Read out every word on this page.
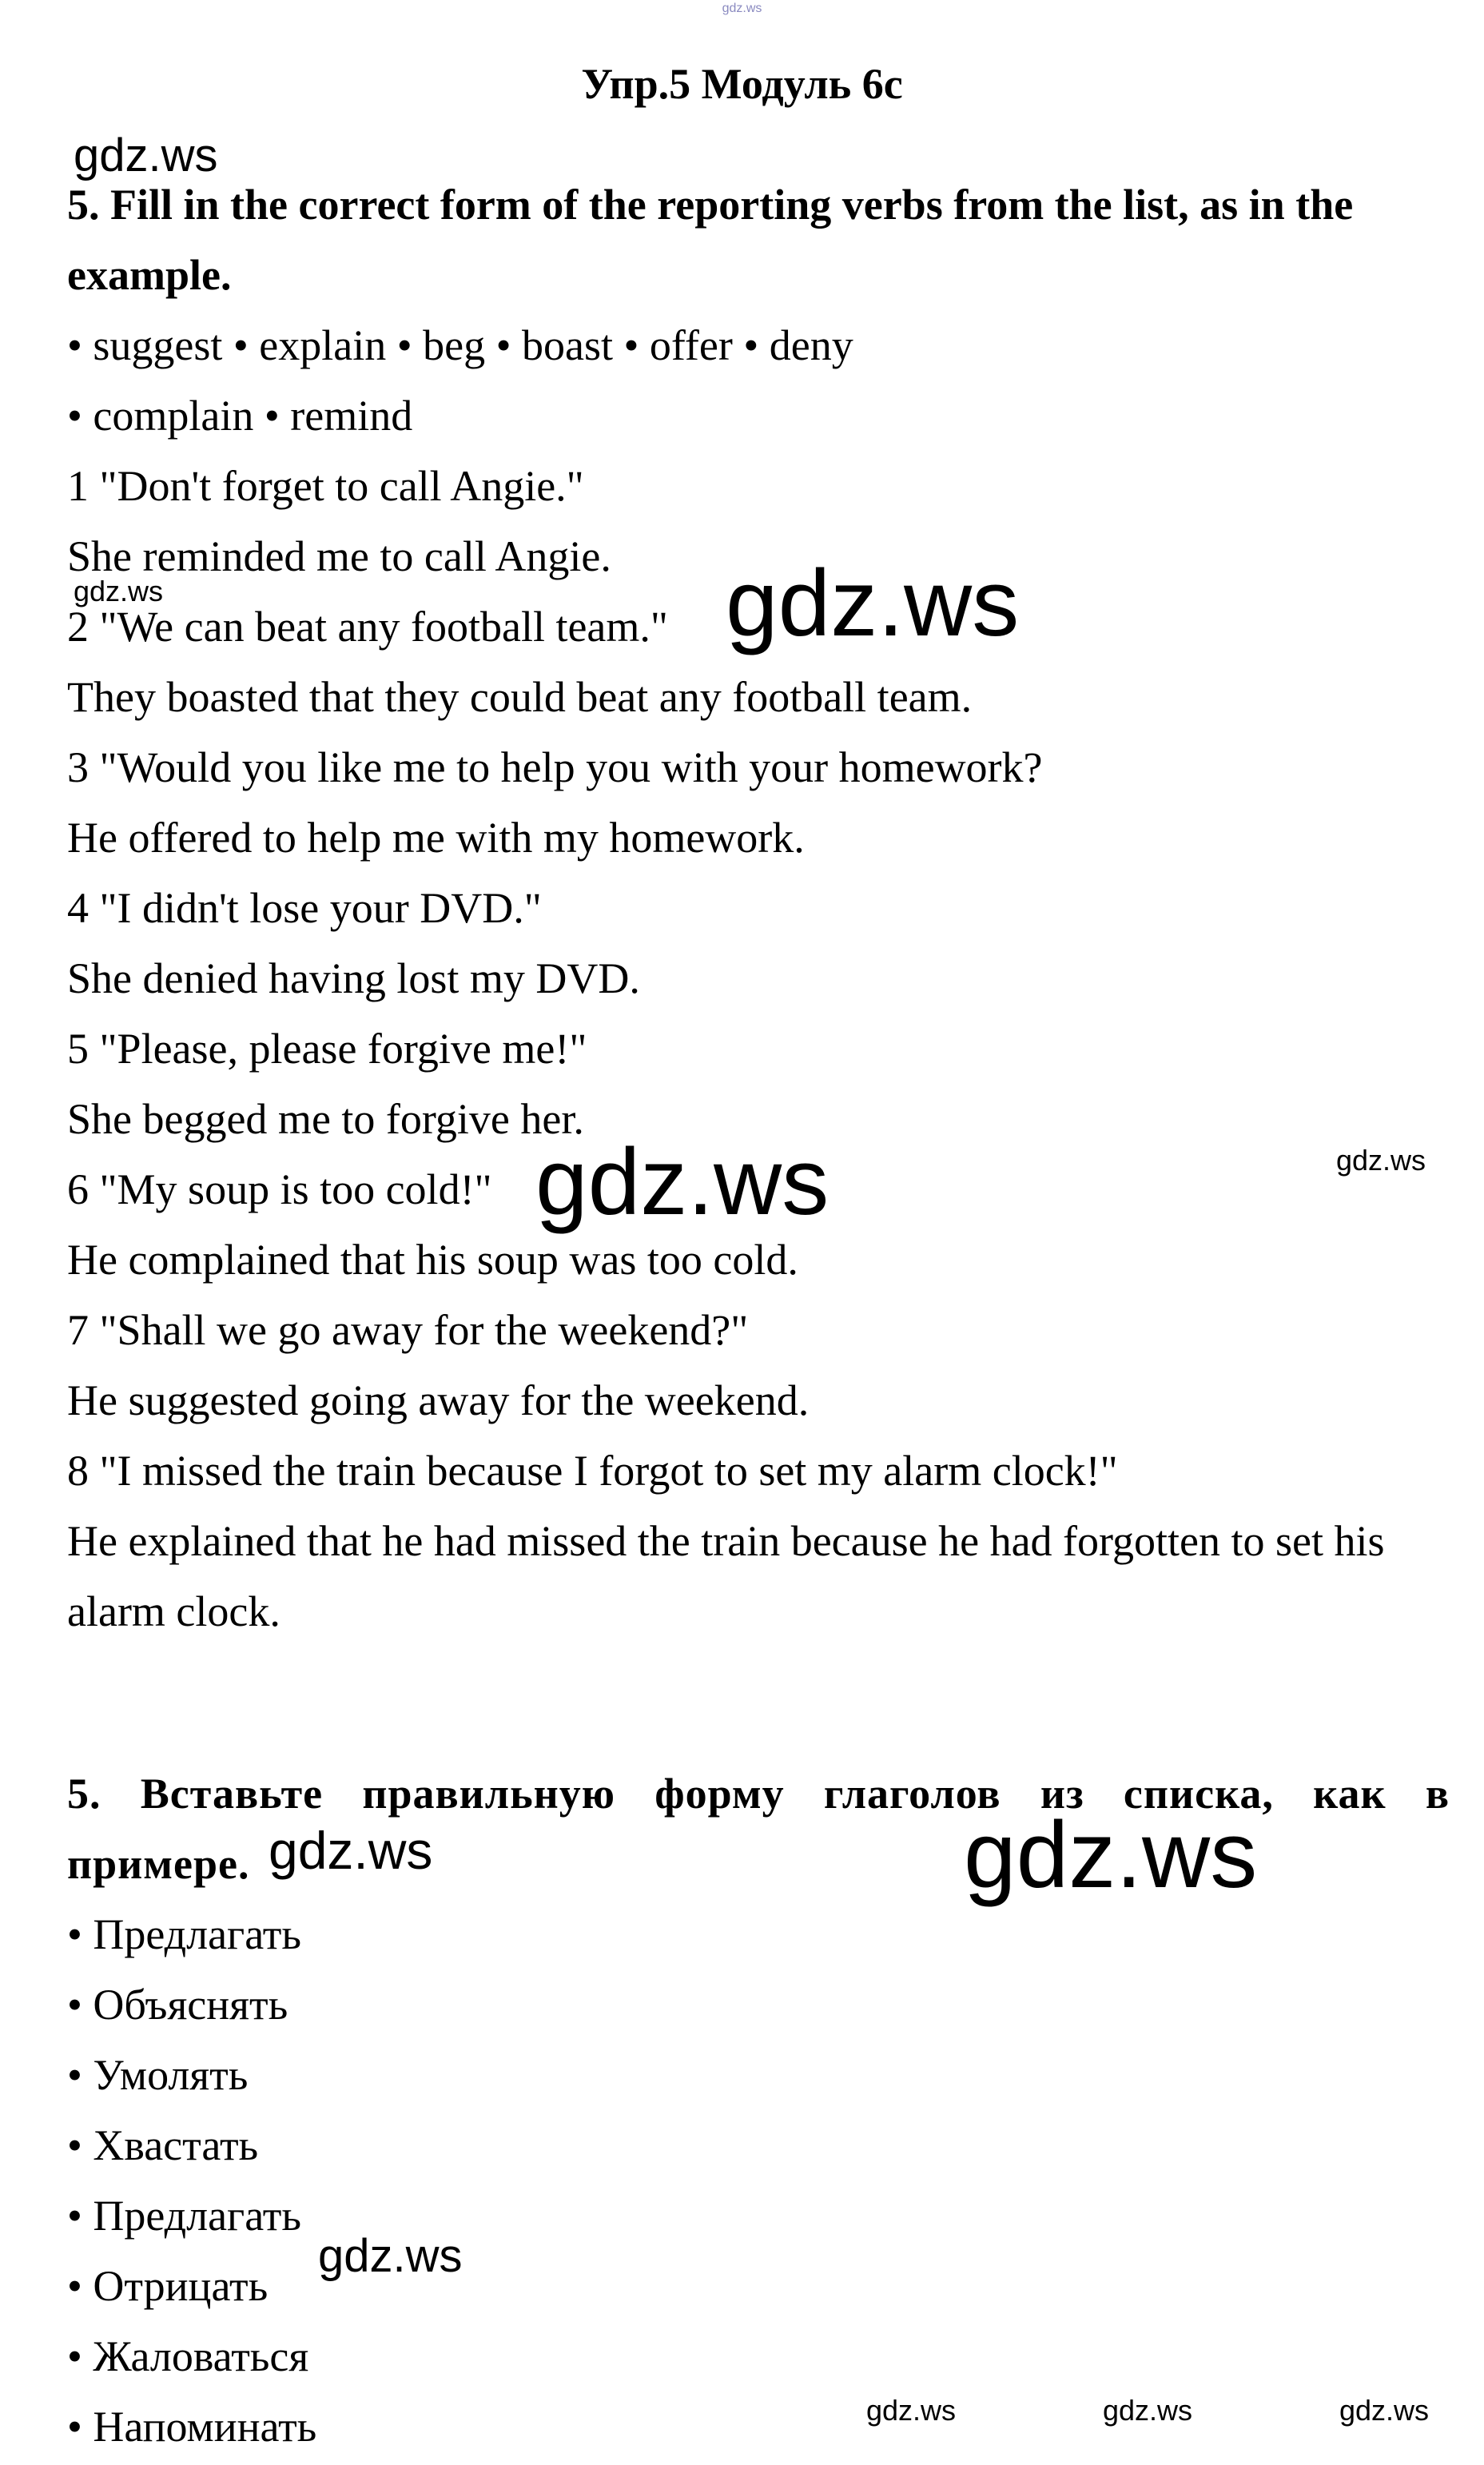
gdz.ws
Упр.5 Модуль 6с
5. Fill in the correct form of the reporting verbs from the list, as in the example.
• suggest • explain • beg • boast • offer • deny
• complain • remind
1 "Don't forget to call Angie."
She reminded me to call Angie.
2 "We can beat any football team."
They boasted that they could beat any football team.
3 "Would you like me to help you with your homework?
He offered to help me with my homework.
4 "I didn't lose your DVD."
She denied having lost my DVD.
5 "Please, please forgive me!"
She begged me to forgive her.
6 "My soup is too cold!"
He complained that his soup was too cold.
7 "Shall we go away for the weekend?"
He suggested going away for the weekend.
8 "I missed the train because I forgot to set my alarm clock!"
He explained that he had missed the train because he had forgotten to set his alarm clock.
5. Вставьте правильную форму глаголов из списка, как в примере.
• Предлагать
• Объяснять
• Умолять
• Хвастать
• Предлагать
• Отрицать
• Жаловаться
• Напоминать
gdz.ws
gdz.ws	gdz.ws
gdz.ws
gdz.ws
gdz.ws	gdz.ws
gdz.ws
gdz.ws	gdz.ws	gdz.ws
